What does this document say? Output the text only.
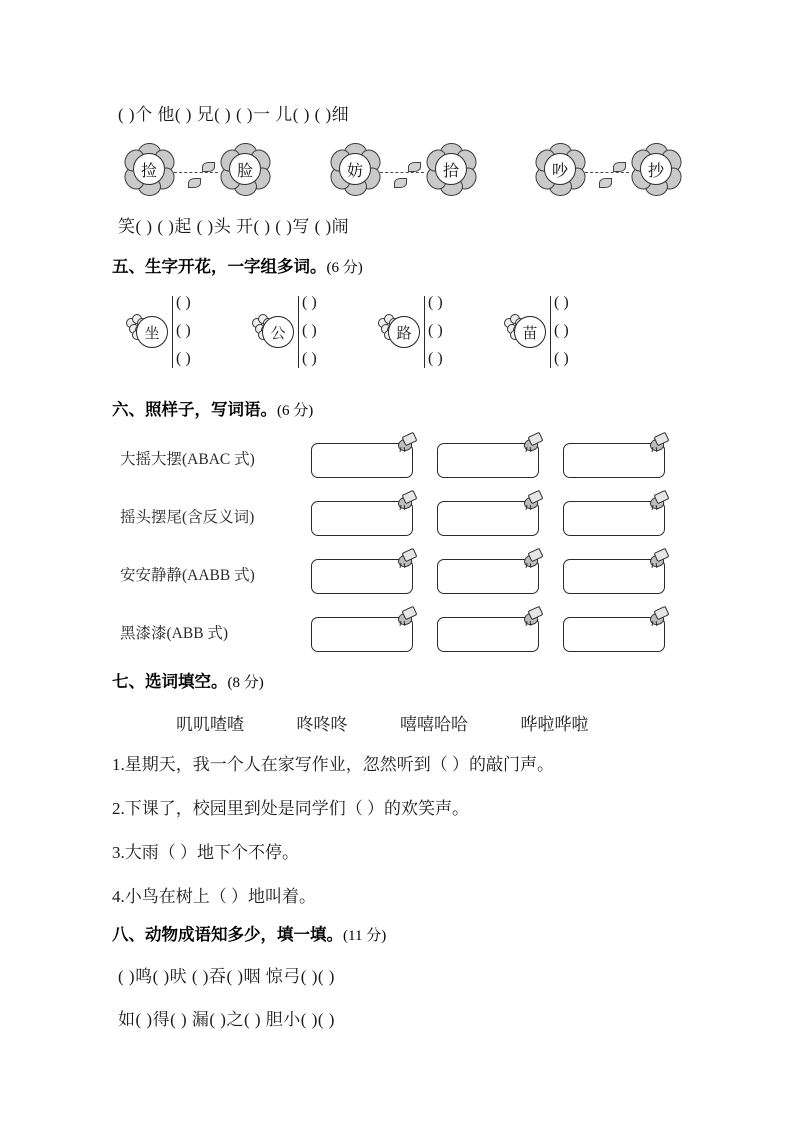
( )个 他( ) 兄( ) ( )一 儿( ) ( )细
捡	脸	妨	拾	吵	抄
笑( ) ( )起 ( )头 开( ) ( )写 ( )闹
五、生字开花，一字组多词。(6 分)
坐
( )
( )
( )
公
( )
( )
( )
路
( )
( )
( )
苗
( )
( )
( )
六、照样子，写词语。(6 分)
大摇大摆(ABAC 式)
摇头摆尾(含反义词)
安安静静(AABB 式)
黑漆漆(ABB 式)
七、选词填空。(8 分)
叽叽喳喳	咚咚咚	嘻嘻哈哈	哗啦哗啦
1.星期天，我一个人在家写作业，忽然听到（ ）的敲门声。
2.下课了，校园里到处是同学们（ ）的欢笑声。
3.大雨（ ）地下个不停。
4.小鸟在树上（ ）地叫着。
八、动物成语知多少，填一填。(11 分)
( )鸣( )吠 ( )吞( )咽 惊弓( )( )
如( )得( ) 漏( )之( ) 胆小( )( )
